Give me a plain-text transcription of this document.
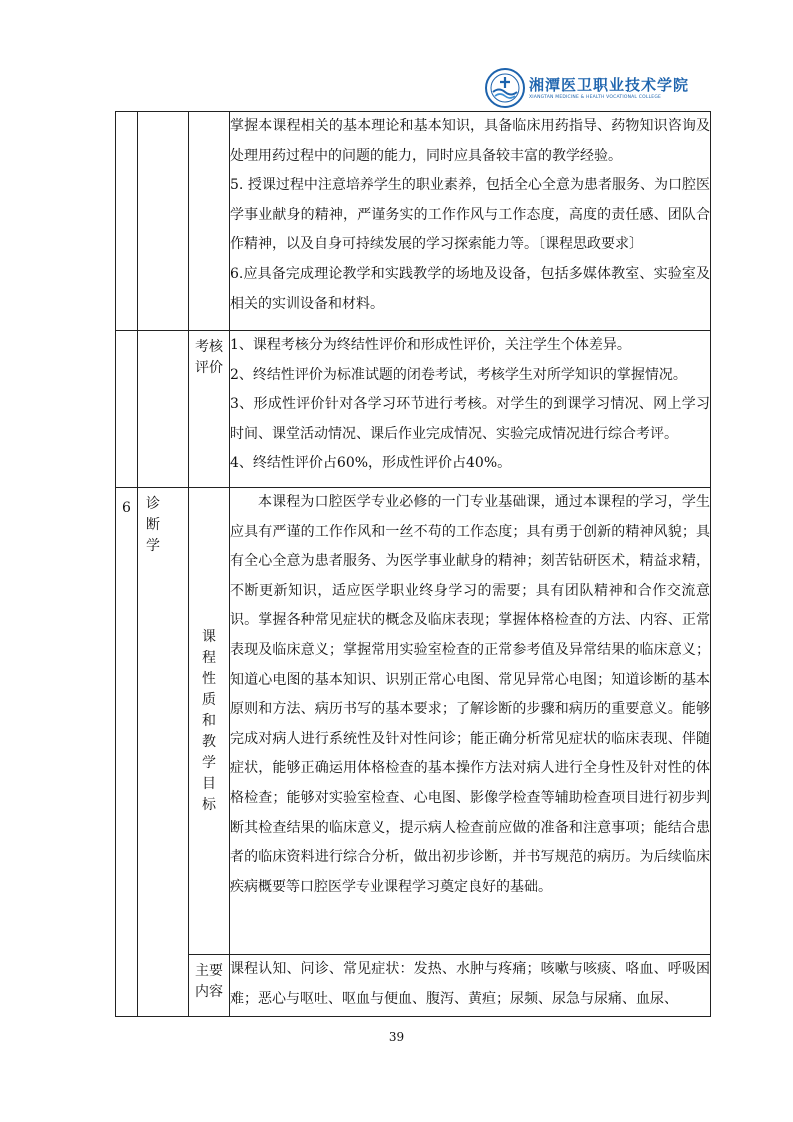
湘潭医卫职业技术学院
XIANGTAN MEDICINE & HEALTH VOCATIONAL COLLEGE

			掌握本课程相关的基本理论和基本知识，具备临床用药指导、药物知识咨询及处理用药过程中的问题的能力，同时应具备较丰富的教学经验。

5. 授课过程中注意培养学生的职业素养，包括全心全意为患者服务、为口腔医学事业献身的精神，严谨务实的工作作风与工作态度，高度的责任感、团队合作精神，以及自身可持续发展的学习探索能力等。〔课程思政要求〕

6.应具备完成理论教学和实践教学的场地及设备，包括多媒体教室、实验室及相关的实训设备和材料。

		考核评价	1、课程考核分为终结性评价和形成性评价，关注学生个体差异。

2、终结性评价为标准试题的闭卷考试，考核学生对所学知识的掌握情况。

3、形成性评价针对各学习环节进行考核。对学生的到课学习情况、网上学习时间、课堂活动情况、课后作业完成情况、实验完成情况进行综合考评。

4、终结性评价占60%，形成性评价占40%。

6	诊断学	课程性质和教学目标	本课程为口腔医学专业必修的一门专业基础课，通过本课程的学习，学生应具有严谨的工作作风和一丝不苟的工作态度；具有勇于创新的精神风貌；具有全心全意为患者服务、为医学事业献身的精神；刻苦钻研医术，精益求精，不断更新知识，适应医学职业终身学习的需要；具有团队精神和合作交流意识。掌握各种常见症状的概念及临床表现；掌握体格检查的方法、内容、正常表现及临床意义；掌握常用实验室检查的正常参考值及异常结果的临床意义；知道心电图的基本知识、识别正常心电图、常见异常心电图；知道诊断的基本原则和方法、病历书写的基本要求；了解诊断的步骤和病历的重要意义。能够完成对病人进行系统性及针对性问诊；能正确分析常见症状的临床表现、伴随症状，能够正确运用体格检查的基本操作方法对病人进行全身性及针对性的体格检查；能够对实验室检查、心电图、影像学检查等辅助检查项目进行初步判断其检查结果的临床意义，提示病人检查前应做的准备和注意事项；能结合患者的临床资料进行综合分析，做出初步诊断，并书写规范的病历。为后续临床疾病概要等口腔医学专业课程学习奠定良好的基础。

		主要内容	课程认知、问诊、常见症状：发热、水肿与疼痛；咳嗽与咳痰、咯血、呼吸困难；恶心与呕吐、呕血与便血、腹泻、黄疸；尿频、尿急与尿痛、血尿、

39
